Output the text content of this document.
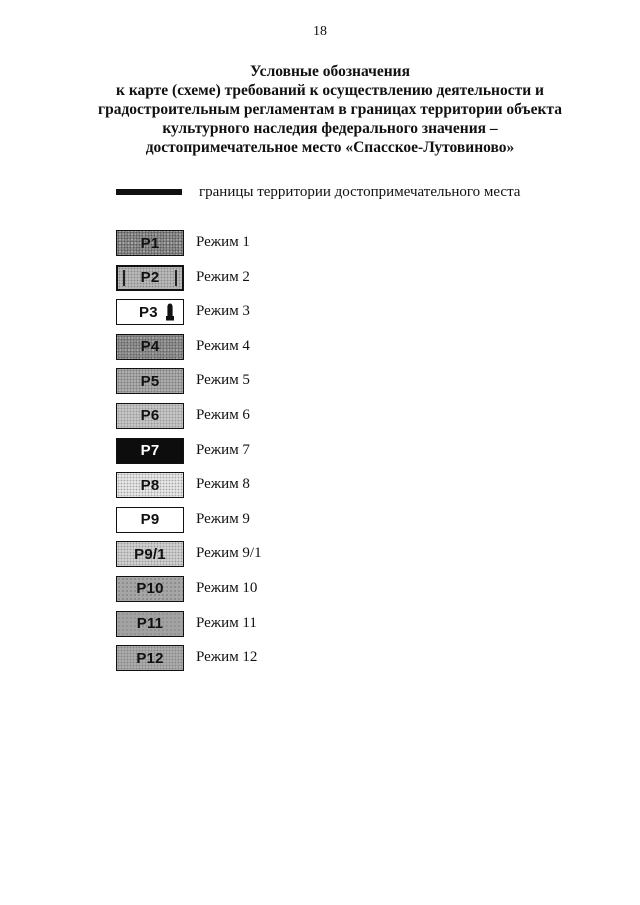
18
Условные обозначения
к карте (схеме) требований к осуществлению деятельности и
градостроительным регламентам в границах территории объекта
культурного наследия федерального значения –
достопримечательное место «Спасское-Лутовиново»
границы территории достопримечательного места
P1 Режим 1
P2 Режим 2
P3	Режим 3
P4 Режим 4
P5 Режим 5
P6 Режим 6
P7 Режим 7
P8 Режим 8
P9 Режим 9
P9/1 Режим 9/1
P10 Режим 10
P11 Режим 11
P12 Режим 12
